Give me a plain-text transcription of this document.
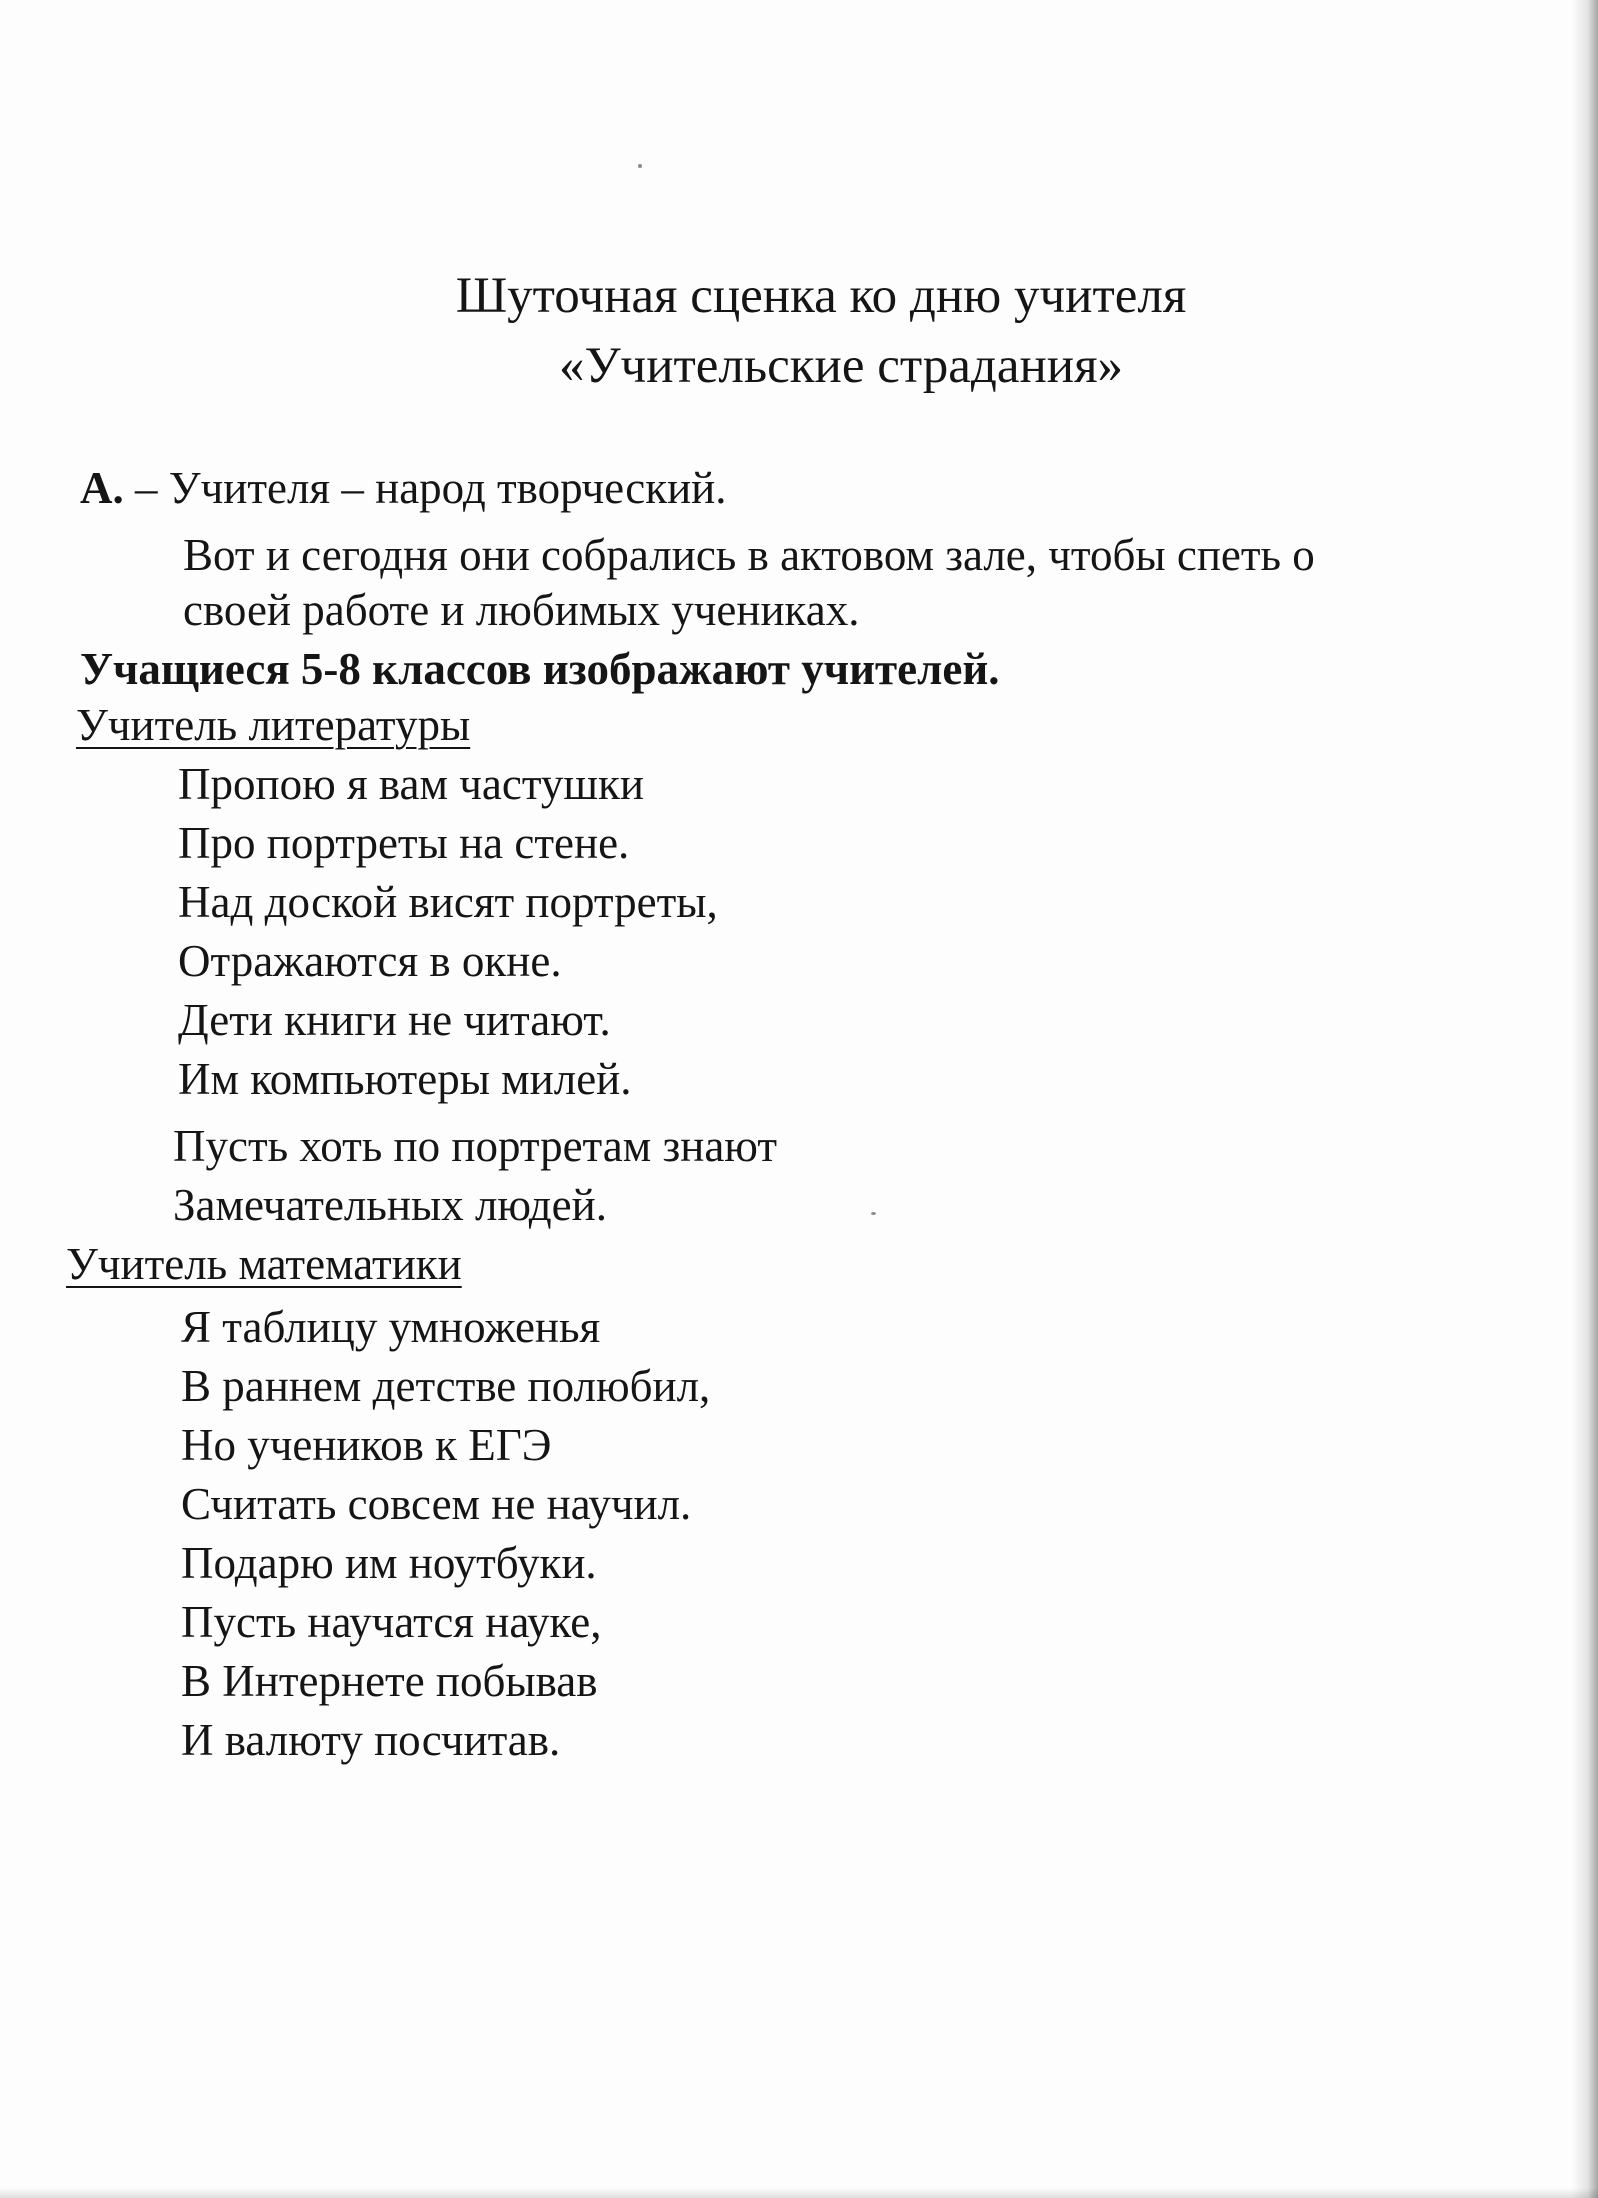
Шуточная сценка ко дню учителя
«Учительские страдания»
А. – Учителя – народ творческий.
Вот и сегодня они собрались в актовом зале, чтобы спеть о
своей работе и любимых учениках.
Учащиеся 5-8 классов изображают учителей.
Учитель литературы
Пропою я вам частушки
Про портреты на стене.
Над доской висят портреты,
Отражаются в окне.
Дети книги не читают.
Им компьютеры милей.
Пусть хоть по портретам знают
Замечательных людей.
Учитель математики
Я таблицу умноженья
В раннем детстве полюбил,
Но учеников к ЕГЭ
Считать совсем не научил.
Подарю им ноутбуки.
Пусть научатся науке,
В Интернете побывав
И валюту посчитав.
